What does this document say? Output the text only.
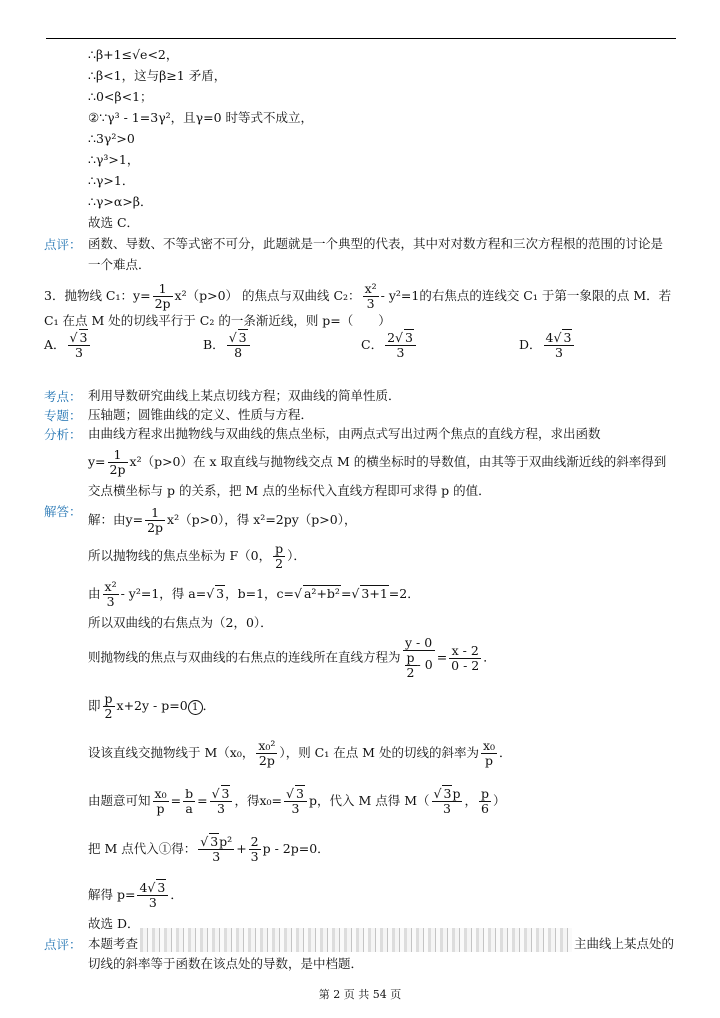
∴β+1≤√e<2，
∴β<1，这与β≥1 矛盾，
∴0<β<1；
②∵γ³ - 1=3γ²，且γ=0 时等式不成立，
∴3γ²>0
∴γ³>1，
∴γ>1．
∴γ>α>β．
故选 C．
点评： 函数、导数、不等式密不可分，此题就是一个典型的代表，其中对对数方程和三次方程根的范围的讨论是
一个难点．
3．抛物线 C₁：$y= \frac{1}{2p} x^2(p>0)$ 的焦点与双曲线 C₂： $\frac{\text{x²}}{3} - y^2=1$的右焦点的连线交 C₁ 于第一象限的点 M．若
C₁ 在点 M 处的切线平行于 C₂ 的一条渐近线，则 p=（　　）
A． √ $\frac{3}{3}$	B． √ $\frac{3}{8}$	C． $\frac{2 √ 3}{3}$	D． $\frac{4 √ 3}{3}$
考点： 利用导数研究曲线上某点切线方程；双曲线的简单性质．
专题： 压轴题；圆锥曲线的定义、性质与方程．
分析： 由曲线方程求出抛物线与双曲线的焦点坐标，由两点式写出过两个焦点的直线方程，求出函数
$y= \frac{1}{2p} x^2(p>0)$在 x 取直线与抛物线交点 M 的横坐标时的导数值，由其等于双曲线渐近线的斜率得到
交点横坐标与 p 的关系，把 M 点的坐标代入直线方程即可求得 p 的值．
解答：
解：由$y= \frac{1}{2p} x^2(p>0)$，得 x²=2py（p>0），
所以抛物线的焦点坐标为 F（0， $\frac{p}{2}$ ）．
由 $\frac{\text{x²}}{3} - y^2=1$，得 a= √ 3，b=1，c= √ a²+b²= √ 3+1=2．
所以双曲线的右焦点为（2，0）．
则抛物线的焦点与双曲线的右焦点的连线所在直线方程为 $\frac{y - 0}{\frac{p}{2} - 0} = \frac{x - 2}{0 - 2}$ ．
即 $\frac{p}{2} x+2y - p=0$ 1 ．
设该直线交抛物线于 M（x₀， $\frac{\text{x₀²}}{2p}$ ），则 C₁ 在点 M 处的切线的斜率为 $\frac{\text{x₀}}{p}$ ．
由题意可知 $\frac{\text{x₀}}{p} = \frac{b}{a}$ = √ $\frac{3}{3}$ ，得x₀= √ $\frac{3}{3}$ p，代入 M 点得 M（ √ $\frac{3p}{3}$ ， $\frac{p}{6}$ ）
把 M 点代入①得： √ $\frac{\text{3p²}}{3} + \frac{2}{3}$ p - 2p=0．
解得 $p= \frac{4 √ 3}{3}$ ．
故选 D．
点评： 本题考查	主曲线上某点处的
切线的斜率等于函数在该点处的导数，是中档题．
第 2 页 共 54 页
